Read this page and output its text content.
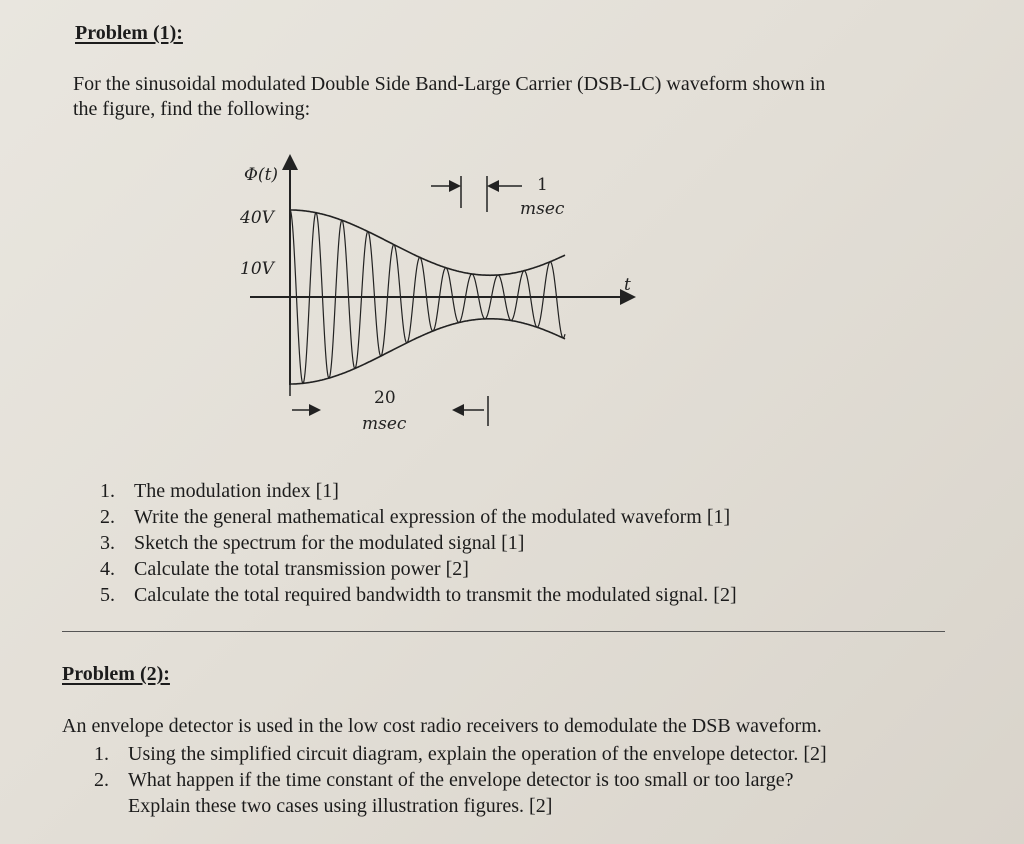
Problem (1):
For the sinusoidal modulated Double Side Band-Large Carrier (DSB-LC) waveform shown in
the figure, find the following:
Φ(t)
40V
10V
t
1
msec
20
msec
1. The modulation index [1]
2. Write the general mathematical expression of the modulated waveform [1]
3. Sketch the spectrum for the modulated signal [1]
4. Calculate the total transmission power [2]
5. Calculate the total required bandwidth to transmit the modulated signal. [2]
Problem (2):
An envelope detector is used in the low cost radio receivers to demodulate the DSB waveform.
1. Using the simplified circuit diagram, explain the operation of the envelope detector. [2]
2. What happen if the time constant of the envelope detector is too small or too large?
Explain these two cases using illustration figures. [2]
